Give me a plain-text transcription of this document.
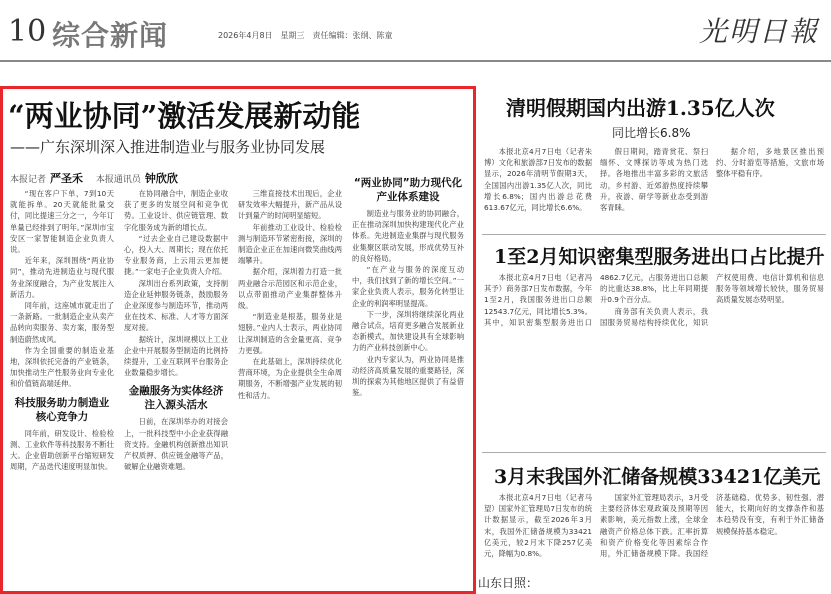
10 综合新闻	2026年4月8日　星期三　责任编辑：张纲、陈童	光明日報
“两业协同”激活发展新动能
——广东深圳深入推进制造业与服务业协同发展
本报记者 严圣禾 本报通讯员 钟欣欣

“现在客户下单，7到10天就能拆单。20天就能批量交付，同比提速三分之一，今年订单量已经排到了明年。”深圳市宝安区一家智能制造企业负责人说。

近年来，深圳围绕“两业协同”，推动先进制造业与现代服务业深度融合，为产业发展注入新活力。

同年前，这座城市就走出了一条新路。一批制造企业从卖产品转向卖服务、卖方案，服务型制造蔚然成风。

作为全国重要的制造业基地，深圳依托完备的产业链条，加快推动生产性服务业向专业化和价值链高端延伸。

科技服务助力制造业核心竞争力

同年前，研发设计、检验检测、工业软件等科技服务不断壮大。企业借助创新平台缩短研发周期，产品迭代速度明显加快。

在协同融合中，制造企业收获了更多的发展空间和竞争优势。工业设计、供应链管理、数字化服务成为新的增长点。

“过去企业自己建设数据中心，投入大、周期长；现在依托专业服务商，上云用云更加便捷。”一家电子企业负责人介绍。

深圳出台系列政策，支持制造企业延伸服务链条，鼓励服务企业深度参与制造环节，推动两业在技术、标准、人才等方面深度对接。

据统计，深圳规模以上工业企业中开展服务型制造的比例持续提升，工业互联网平台服务企业数量稳步增长。

金融服务为实体经济注入源头活水

日前，在深圳举办的对接会上，一批科技型中小企业获得融资支持。金融机构创新推出知识产权质押、供应链金融等产品，破解企业融资难题。

三维直接技术出现后，企业研发效率大幅提升，新产品从设计到量产的时间明显缩短。

年前推动工业设计、检验检测与制造环节紧密衔接，深圳的制造企业正在加速向微笑曲线两端攀升。

据介绍，深圳着力打造一批两业融合示范园区和示范企业，以点带面推动产业集群整体升级。

“制造业是根基，服务业是翅膀。”业内人士表示，两业协同让深圳制造的含金量更高、竞争力更强。

在此基础上，深圳持续优化营商环境，为企业提供全生命周期服务，不断增强产业发展的韧性和活力。

“两业协同”助力现代化产业体系建设

制造业与服务业的协同融合，正在推动深圳加快构建现代化产业体系。先进制造业集群与现代服务业集聚区联动发展，形成优势互补的良好格局。

“在产业与服务的深度互动中，我们找到了新的增长空间。”一家企业负责人表示，服务化转型让企业的利润率明显提高。

下一步，深圳将继续深化两业融合试点，培育更多融合发展新业态新模式，加快建设具有全球影响力的产业科技创新中心。

业内专家认为，两业协同是推动经济高质量发展的重要路径，深圳的探索为其他地区提供了有益借鉴。

清明假期国内出游1.35亿人次
同比增长6.8%

本报北京4月7日电（记者朱博）文化和旅游部7日发布的数据显示，2026年清明节假期3天，全国国内出游1.35亿人次，同比增长6.8%；国内出游总花费613.67亿元，同比增长6.6%。

假日期间，踏青赏花、祭扫缅怀、文博探访等成为热门选择。各地推出丰富多彩的文旅活动，乡村游、近郊游热度持续攀升，夜游、研学等新业态受到游客青睐。

据介绍，多地景区推出预约、分时游览等措施，文旅市场整体平稳有序。

1至2月知识密集型服务进出口占比提升

本报北京4月7日电（记者冯其予）商务部7日发布数据，今年1至2月，我国服务进出口总额12543.7亿元，同比增长5.3%。其中，知识密集型服务进出口4862.7亿元，占服务进出口总额的比重达38.8%，比上年同期提升0.9个百分点。

商务部有关负责人表示，我国服务贸易结构持续优化，知识产权使用费、电信计算机和信息服务等领域增长较快，服务贸易高质量发展态势明显。

3月末我国外汇储备规模33421亿美元

本报北京4月7日电（记者马望）国家外汇管理局7日发布的统计数据显示，截至2026年3月末，我国外汇储备规模为33421亿美元，较2月末下降257亿美元，降幅为0.8%。

国家外汇管理局表示，3月受主要经济体宏观政策及预期等因素影响，美元指数上涨，全球金融资产价格总体下跌。汇率折算和资产价格变化等因素综合作用，外汇储备规模下降。我国经济基础稳、优势多、韧性强、潜能大，长期向好的支撑条件和基本趋势没有变，有利于外汇储备规模保持基本稳定。

山东日照：
